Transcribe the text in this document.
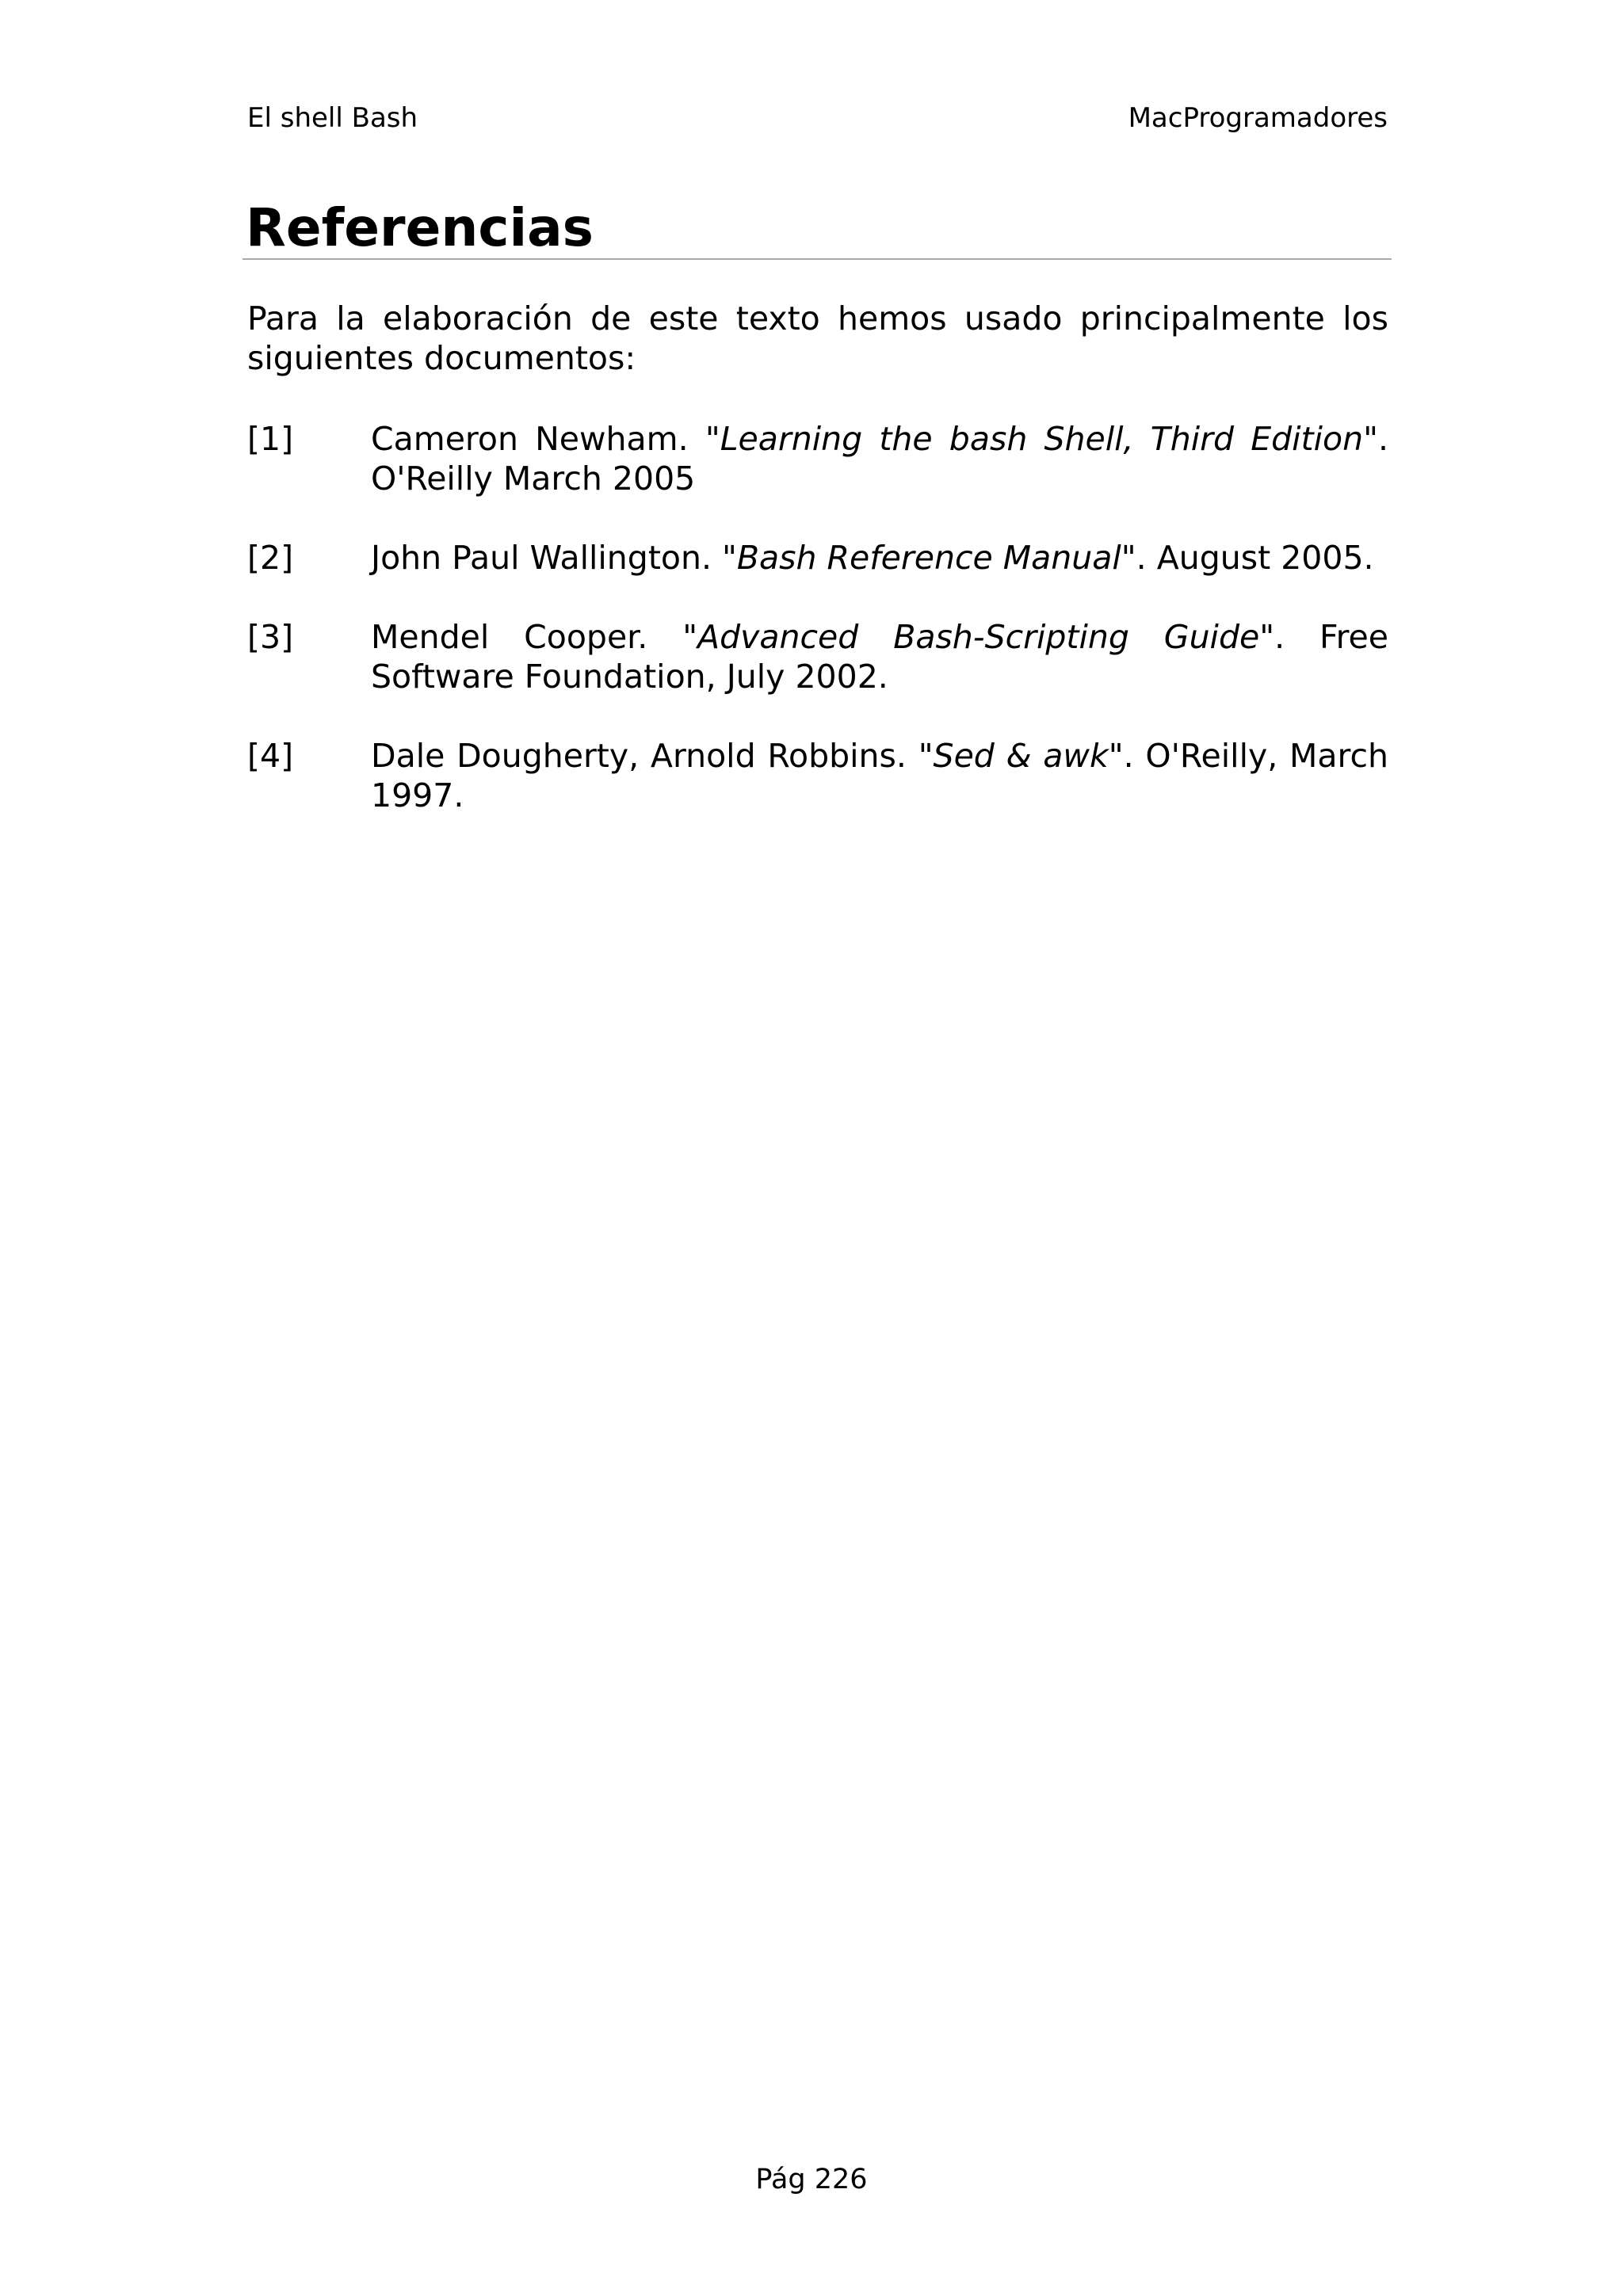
El shell Bash	MacProgramadores
Referencias

Para la elaboración de este texto hemos usado principalmente los siguientes documentos:

[1]	Cameron Newham. "Learning the bash Shell, Third Edition". O'Reilly March 2005
[2]	John Paul Wallington. "Bash Reference Manual". August 2005.
[3]	Mendel Cooper. "Advanced Bash-Scripting Guide". Free Software Foundation, July 2002.
[4]	Dale Dougherty, Arnold Robbins. "Sed & awk". O'Reilly, March 1997.
Pág 226
